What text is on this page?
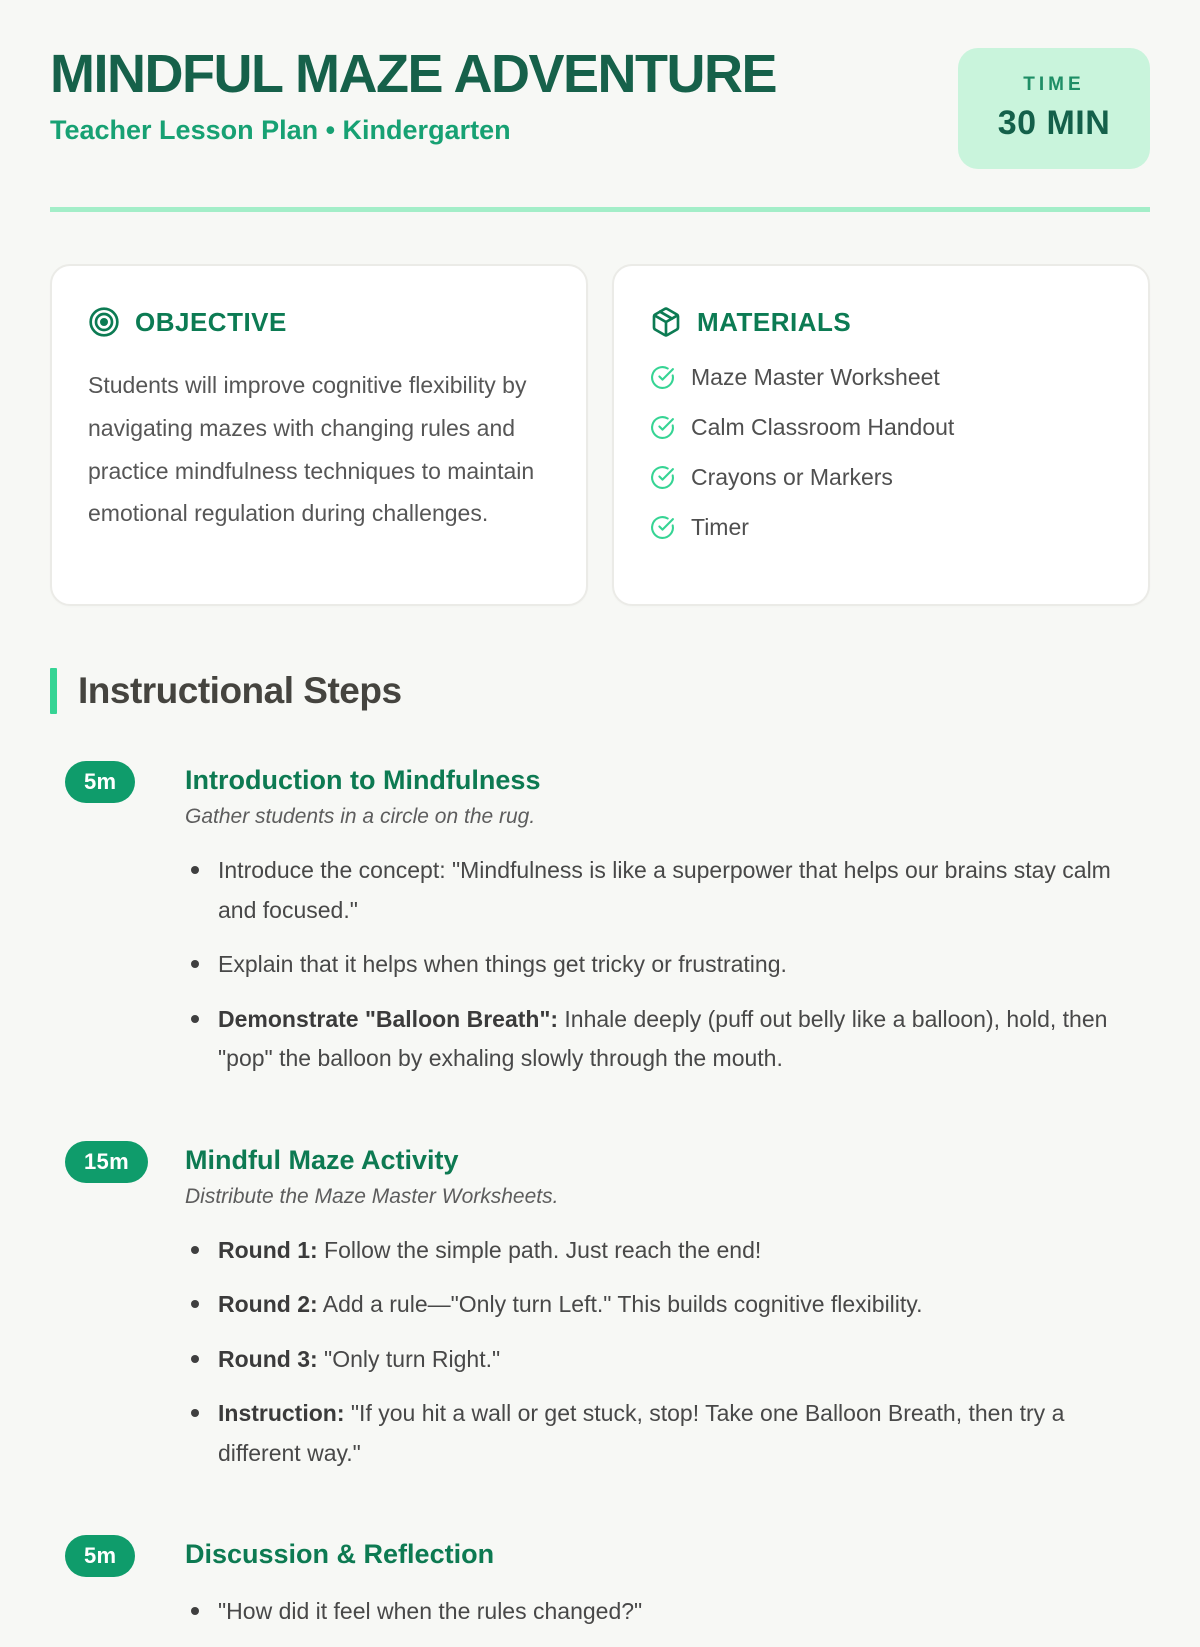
MINDFUL MAZE ADVENTURE

Teacher Lesson Plan • Kindergarten

TIME
30 MIN
OBJECTIVE

Students will improve cognitive flexibility by navigating mazes with changing rules and practice mindfulness techniques to maintain emotional regulation during challenges.

MATERIALS
Maze Master Worksheet
Calm Classroom Handout
Crayons or Markers
Timer
Instructional Steps
5m	Introduction to Mindfulness

Gather students in a circle on the rug.

Introduce the concept: "Mindfulness is like a superpower that helps our brains stay calm and focused."
Explain that it helps when things get tricky or frustrating.
Demonstrate "Balloon Breath": Inhale deeply (puff out belly like a balloon), hold, then "pop" the balloon by exhaling slowly through the mouth.
15m	Mindful Maze Activity

Distribute the Maze Master Worksheets.

Round 1: Follow the simple path. Just reach the end!
Round 2: Add a rule—"Only turn Left." This builds cognitive flexibility.
Round 3: "Only turn Right."
Instruction: "If you hit a wall or get stuck, stop! Take one Balloon Breath, then try a different way."
5m	Discussion & Reflection
"How did it feel when the rules changed?"
